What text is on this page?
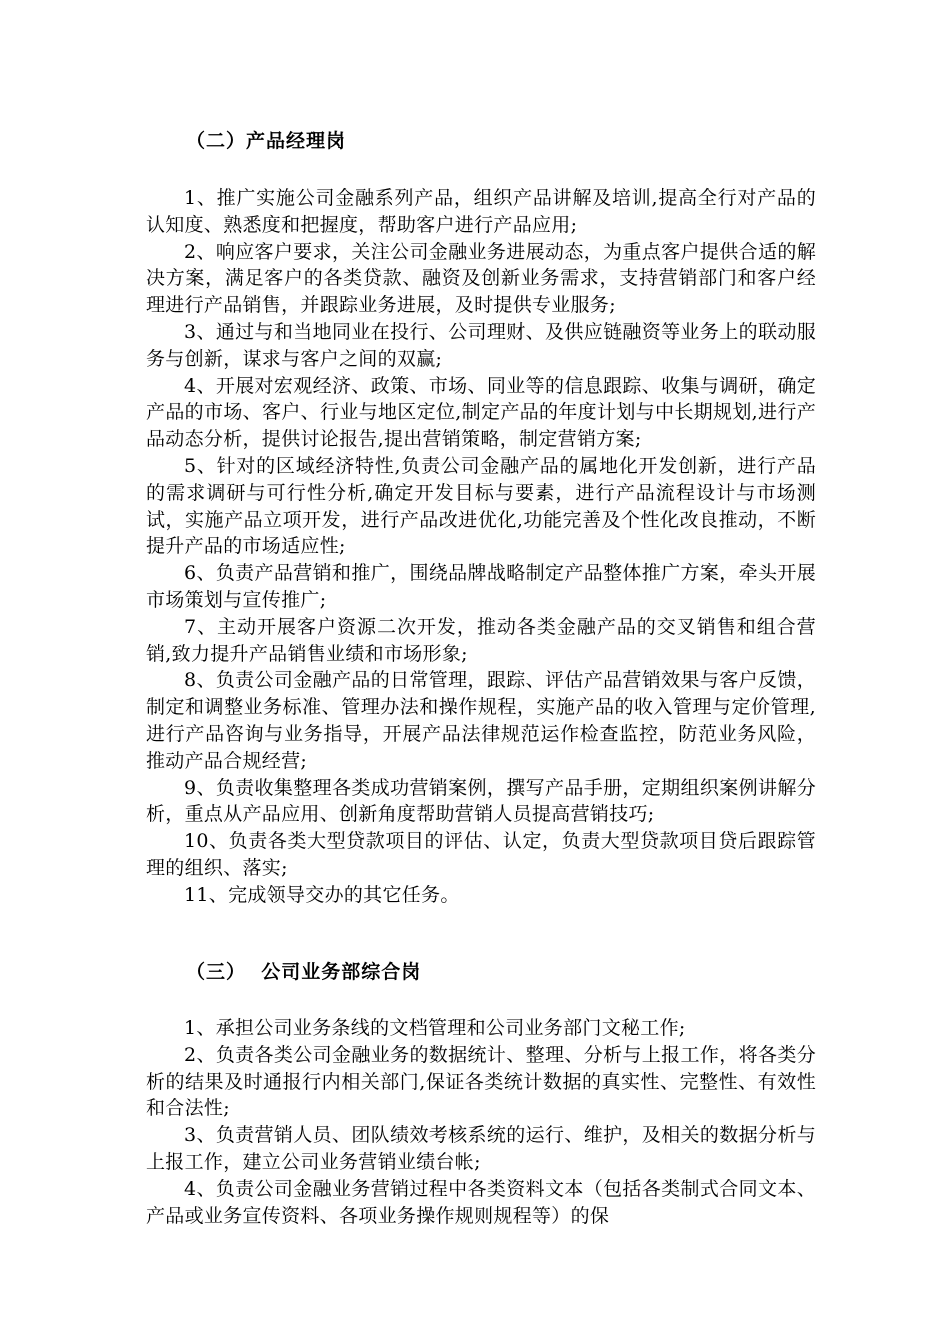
（二）产品经理岗

1、推广实施公司金融系列产品，组织产品讲解及培训,提高全行对产品的认知度、熟悉度和把握度，帮助客户进行产品应用;

2、响应客户要求，关注公司金融业务进展动态，为重点客户提供合适的解决方案，满足客户的各类贷款、融资及创新业务需求，支持营销部门和客户经理进行产品销售，并跟踪业务进展，及时提供专业服务;

3、通过与和当地同业在投行、公司理财、及供应链融资等业务上的联动服务与创新，谋求与客户之间的双赢;

4、开展对宏观经济、政策、市场、同业等的信息跟踪、收集与调研，确定产品的市场、客户、行业与地区定位,制定产品的年度计划与中长期规划,进行产品动态分析，提供讨论报告,提出营销策略，制定营销方案;

5、针对的区域经济特性,负责公司金融产品的属地化开发创新，进行产品的需求调研与可行性分析,确定开发目标与要素，进行产品流程设计与市场测试，实施产品立项开发，进行产品改进优化,功能完善及个性化改良推动，不断提升产品的市场适应性;

6、负责产品营销和推广，围绕品牌战略制定产品整体推广方案，牵头开展市场策划与宣传推广;

7、主动开展客户资源二次开发，推动各类金融产品的交叉销售和组合营销,致力提升产品销售业绩和市场形象;

8、负责公司金融产品的日常管理，跟踪、评估产品营销效果与客户反馈，制定和调整业务标准、管理办法和操作规程，实施产品的收入管理与定价管理,进行产品咨询与业务指导，开展产品法律规范运作检查监控，防范业务风险，推动产品合规经营;

9、负责收集整理各类成功营销案例，撰写产品手册，定期组织案例讲解分析，重点从产品应用、创新角度帮助营销人员提高营销技巧;

10、负责各类大型贷款项目的评估、认定，负责大型贷款项目贷后跟踪管理的组织、落实;

11、完成领导交办的其它任务。

（三）  公司业务部综合岗

1、承担公司业务条线的文档管理和公司业务部门文秘工作;

2、负责各类公司金融业务的数据统计、整理、分析与上报工作，将各类分析的结果及时通报行内相关部门,保证各类统计数据的真实性、完整性、有效性和合法性;

3、负责营销人员、团队绩效考核系统的运行、维护，及相关的数据分析与上报工作，建立公司业务营销业绩台帐;

4、负责公司金融业务营销过程中各类资料文本（包括各类制式合同文本、产品或业务宣传资料、各项业务操作规则规程等）的保
